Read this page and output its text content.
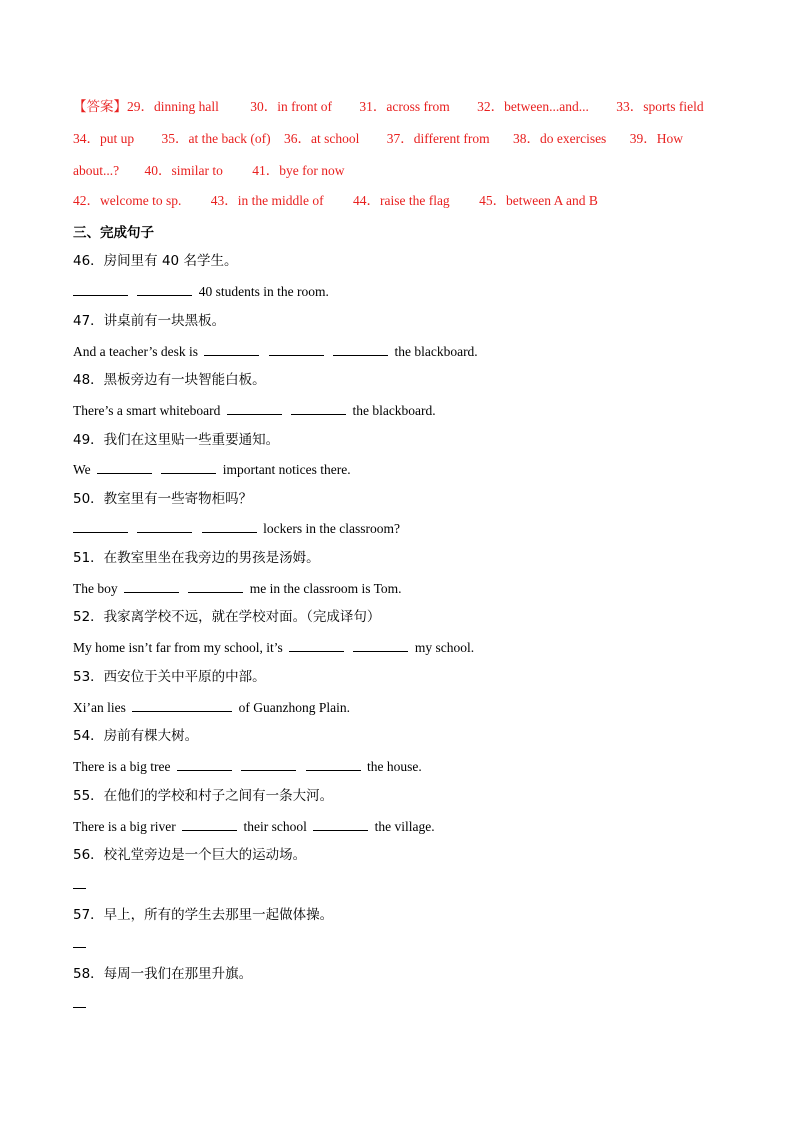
【答案】29．dinning hall 30．in front of 31．across from 32．between...and... 33．sports field
34．put up 35．at the back (of) 36．at school 37．different from 38．do exercises 39．How
about...? 40．similar to 41．bye for now
42．welcome to sp. 43．in the middle of 44．raise the flag 45．between A and B
三、完成句子
46．房间里有 40 名学生。
40 students in the room.
47．讲桌前有一块黑板。
And a teacher’s desk is	the blackboard.
48．黑板旁边有一块智能白板。
There’s a smart whiteboard	the blackboard.
49．我们在这里贴一些重要通知。
We	important notices there.
50．教室里有一些寄物柜吗？
lockers in the classroom?
51．在教室里坐在我旁边的男孩是汤姆。
The boy	me in the classroom is Tom.
52．我家离学校不远，就在学校对面。（完成译句）
My home isn’t far from my school, it’s	my school.
53．西安位于关中平原的中部。
Xi’an lies	of Guanzhong Plain.
54．房前有棵大树。
There is a big tree	the house.
55．在他们的学校和村子之间有一条大河。
There is a big river	their school	the village.
56．校礼堂旁边是一个巨大的运动场。
57．早上，所有的学生去那里一起做体操。
58．每周一我们在那里升旗。
